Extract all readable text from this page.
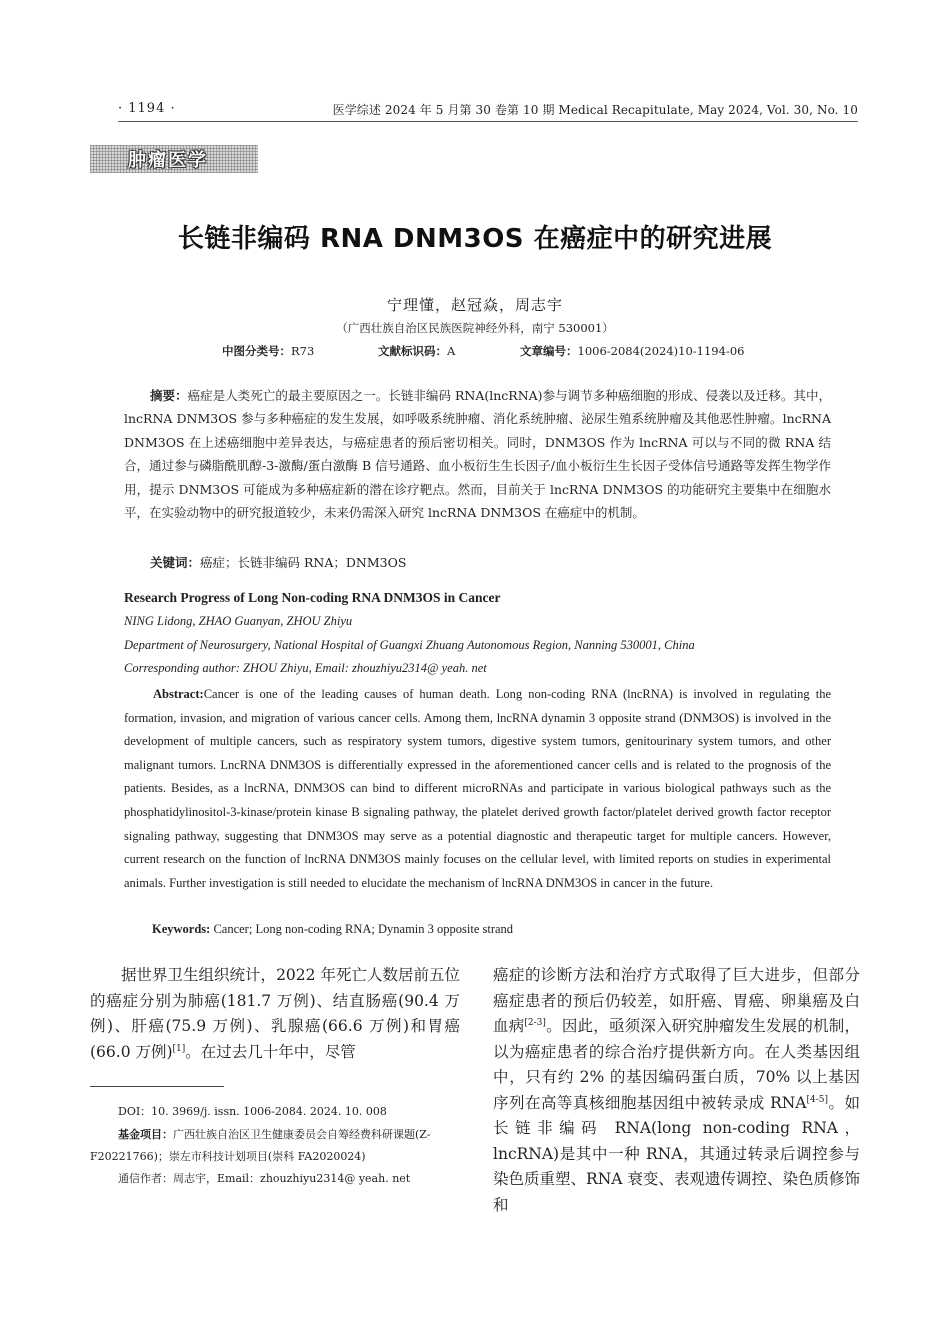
· 1194 ·	医学综述 2024 年 5 月第 30 卷第 10 期 Medical Recapitulate, May 2024, Vol. 30, No. 10
肿瘤医学
长链非编码 RNA DNM3OS 在癌症中的研究进展
宁理懂，赵冠焱，周志宇
（广西壮族自治区民族医院神经外科，南宁 530001）
中图分类号：R73	文献标识码：A	文章编号：1006-2084(2024)10-1194-06
摘要：癌症是人类死亡的最主要原因之一。长链非编码 RNA(lncRNA)参与调节多种癌细胞的形成、侵袭以及迁移。其中，lncRNA DNM3OS 参与多种癌症的发生发展，如呼吸系统肿瘤、消化系统肿瘤、泌尿生殖系统肿瘤及其他恶性肿瘤。lncRNA DNM3OS 在上述癌细胞中差异表达，与癌症患者的预后密切相关。同时，DNM3OS 作为 lncRNA 可以与不同的微 RNA 结合，通过参与磷脂酰肌醇-3-激酶/蛋白激酶 B 信号通路、血小板衍生生长因子/血小板衍生生长因子受体信号通路等发挥生物学作用，提示 DNM3OS 可能成为多种癌症新的潜在诊疗靶点。然而，目前关于 lncRNA DNM3OS 的功能研究主要集中在细胞水平，在实验动物中的研究报道较少，未来仍需深入研究 lncRNA DNM3OS 在癌症中的机制。
关键词：癌症；长链非编码 RNA；DNM3OS
Research Progress of Long Non-coding RNA DNM3OS in Cancer
NING Lidong, ZHAO Guanyan, ZHOU Zhiyu
Department of Neurosurgery, National Hospital of Guangxi Zhuang Autonomous Region, Nanning 530001, China
Corresponding author: ZHOU Zhiyu, Email: zhouzhiyu2314@ yeah. net
Abstract:Cancer is one of the leading causes of human death. Long non-coding RNA (lncRNA) is involved in regulating the formation, invasion, and migration of various cancer cells. Among them, lncRNA dynamin 3 opposite strand (DNM3OS) is involved in the development of multiple cancers, such as respiratory system tumors, digestive system tumors, genitourinary system tumors, and other malignant tumors. LncRNA DNM3OS is differentially expressed in the aforementioned cancer cells and is related to the prognosis of the patients. Besides, as a lncRNA, DNM3OS can bind to different microRNAs and participate in various biological pathways such as the phosphatidylinositol-3-kinase/protein kinase B signaling pathway, the platelet derived growth factor/platelet derived growth factor receptor signaling pathway, suggesting that DNM3OS may serve as a potential diagnostic and therapeutic target for multiple cancers. However, current research on the function of lncRNA DNM3OS mainly focuses on the cellular level, with limited reports on studies in experimental animals. Further investigation is still needed to elucidate the mechanism of lncRNA DNM3OS in cancer in the future.
Keywords: Cancer; Long non-coding RNA; Dynamin 3 opposite strand
据世界卫生组织统计，2022 年死亡人数居前五位的癌症分别为肺癌(181.7 万例)、结直肠癌(90.4 万例)、肝癌(75.9 万例)、乳腺癌(66.6 万例)和胃癌(66.0 万例)[1]。在过去几十年中，尽管
DOI：10. 3969/j. issn. 1006-2084. 2024. 10. 008
基金项目：广西壮族自治区卫生健康委员会自筹经费科研课题(Z-F20221766)；崇左市科技计划项目(崇科 FA2020024)
通信作者：周志宇，Email：zhouzhiyu2314@ yeah. net
癌症的诊断方法和治疗方式取得了巨大进步，但部分癌症患者的预后仍较差，如肝癌、胃癌、卵巢癌及白血病[2-3]。因此，亟须深入研究肿瘤发生发展的机制，以为癌症患者的综合治疗提供新方向。在人类基因组中，只有约 2% 的基因编码蛋白质，70% 以上基因序列在高等真核细胞基因组中被转录成 RNA[4-5]。如长链非编码 RNA(long non-coding RNA，lncRNA)是其中一种 RNA，其通过转录后调控参与染色质重塑、RNA 衰变、表观遗传调控、染色质修饰和
